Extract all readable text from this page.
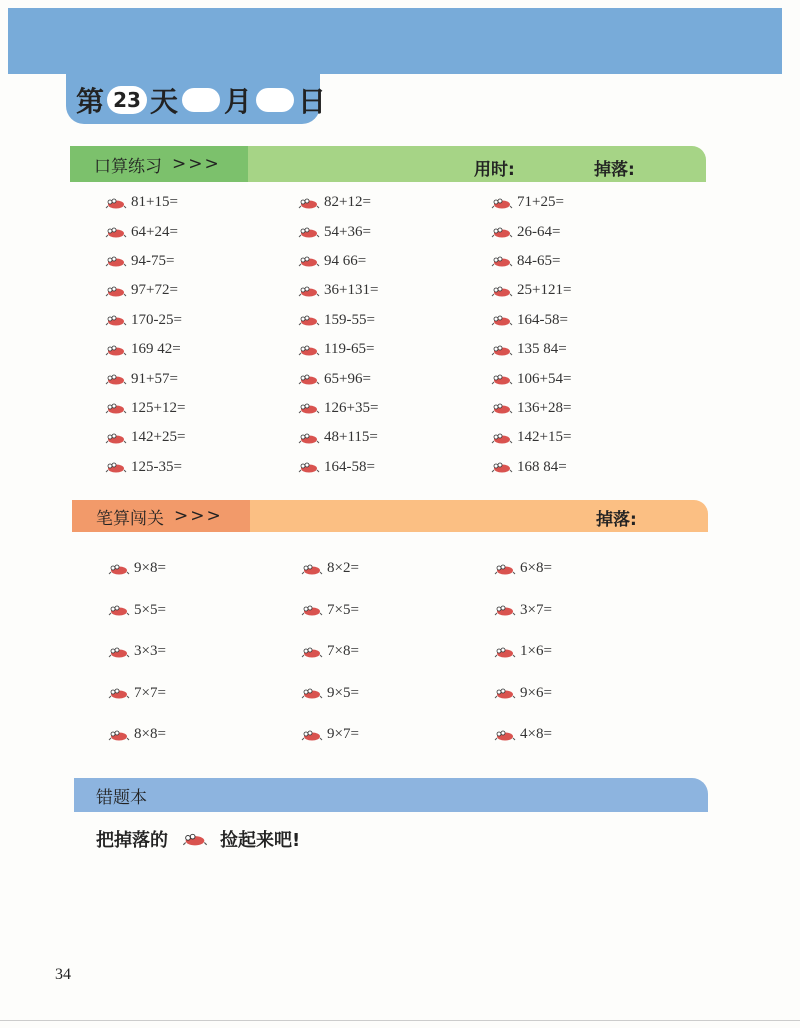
第 23 天 月 日
口算练习 >>>	用时:	掉落:
81+15=	82+12=	71+25=
64+24=	54+36=	26-64=
94-75=	94 66=	84-65=
97+72=	36+131=	25+121=
170-25=	159-55=	164-58=
169 42=	119-65=	135 84=
91+57=	65+96=	106+54=
125+12=	126+35=	136+28=
142+25=	48+115=	142+15=
125-35=	164-58=	168 84=
笔算闯关 >>>	掉落:
9×8=	8×2=	6×8=
5×5=	7×5=	3×7=
3×3=	7×8=	1×6=
7×7=	9×5=	9×6=
8×8=	9×7=	4×8=
错题本
把掉落的	捡起来吧!
34
